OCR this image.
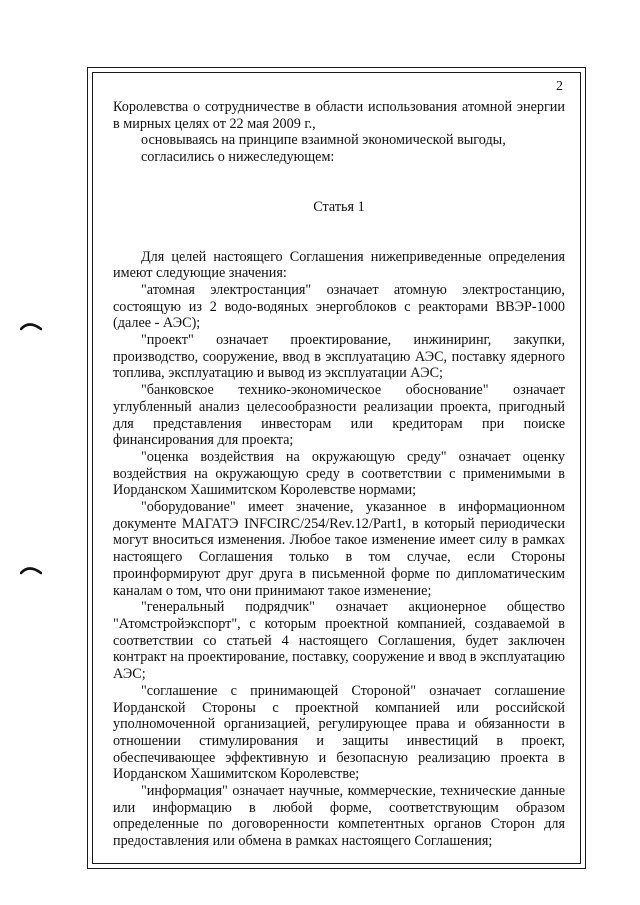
2

Королевства о сотрудничестве в области использования атомной энергии в мирных целях от 22 мая 2009 г.,

основываясь на принципе взаимной экономической выгоды,

согласились о нижеследующем:

Статья 1

Для целей настоящего Соглашения нижеприведенные определения имеют следующие значения:

"атомная электростанция" означает атомную электростанцию, состоящую из 2 водо-водяных энергоблоков с реакторами ВВЭР-1000 (далее - АЭС);

"проект" означает проектирование, инжиниринг, закупки, производство, сооружение, ввод в эксплуатацию АЭС, поставку ядерного топлива, эксплуатацию и вывод из эксплуатации АЭС;

"банковское технико-экономическое обоснование" означает углубленный анализ целесообразности реализации проекта, пригодный для представления инвесторам или кредиторам при поиске финансирования для проекта;

"оценка воздействия на окружающую среду" означает оценку воздействия на окружающую среду в соответствии с применимыми в Иорданском Хашимитском Королевстве нормами;

"оборудование" имеет значение, указанное в информационном документе МАГАТЭ INFCIRC/254/Rev.12/Part1, в который периодически могут вноситься изменения. Любое такое изменение имеет силу в рамках настоящего Соглашения только в том случае, если Стороны проинформируют друг друга в письменной форме по дипломатическим каналам о том, что они принимают такое изменение;

"генеральный подрядчик" означает акционерное общество "Атомстройэкспорт", с которым проектной компанией, создаваемой в соответствии со статьей 4 настоящего Соглашения, будет заключен контракт на проектирование, поставку, сооружение и ввод в эксплуатацию АЭС;

"соглашение с принимающей Стороной" означает соглашение Иорданской Стороны с проектной компанией или российской уполномоченной организацией, регулирующее права и обязанности в отношении стимулирования и защиты инвестиций в проект, обеспечивающее эффективную и безопасную реализацию проекта в Иорданском Хашимитском Королевстве;

"информация" означает научные, коммерческие, технические данные или информацию в любой форме, соответствующим образом определенные по договоренности компетентных органов Сторон для предоставления или обмена в рамках настоящего Соглашения;
